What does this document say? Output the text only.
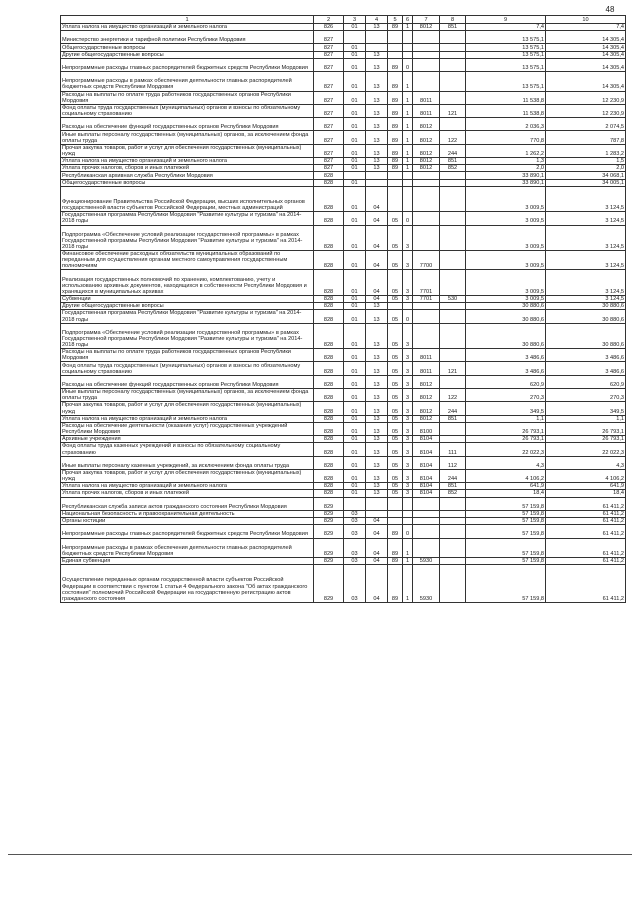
48
1	2	3	4	5	6	7	8	9	10
Уплата налога на имущество организаций и земельного налога	826	01	13	89	1	8012	851	7,4	7,4
Министерство энергетики и тарифной политики Республики Мордовия	827							13 575,1	14 305,4
Общегосударственные вопросы	827	01						13 575,1	14 305,4
Другие общегосударственные вопросы	827	01	13					13 575,1	14 305,4
Непрограммные расходы главных распорядителей бюджетных средств Республики Мордовия	827	01	13	89	0			13 575,1	14 305,4
Непрограммные расходы в рамках обеспечения деятельности главных распорядителей бюджетных средств Республики Мордовия	827	01	13	89	1			13 575,1	14 305,4
Расходы на выплаты по оплате труда работников государственных органов Республики Мордовия	827	01	13	89	1	8011		11 538,8	12 230,9
Фонд оплаты труда государственных (муниципальных) органов и взносы по обязательному социальному страхованию	827	01	13	89	1	8011	121	11 538,8	12 230,9
Расходы на обеспечение функций государственных органов Республики Мордовия	827	01	13	89	1	8012		2 036,3	2 074,5
Иные выплаты персоналу государственных (муниципальных) органов, за исключением фонда оплаты труда	827	01	13	89	1	8012	122	770,8	787,8
Прочая закупка товаров, работ и услуг для обеспечения государственных (муниципальных) нужд	827	01	13	89	1	8012	244	1 262,2	1 283,2
Уплата налога на имущество организаций и земельного налога	827	01	13	89	1	8012	851	1,3	1,5
Уплата прочих налогов, сборов и иных платежей	827	01	13	89	1	8012	852	2,0	2,0
Республиканская архивная служба Республики Мордовия	828							33 890,1	34 068,1
Общегосударственные вопросы	828	01						33 890,1	34 005,1
Функционирование Правительства Российской Федерации, высших исполнительных органов государственной власти субъектов Российской Федерации, местных администраций	828	01	04					3 009,5	3 124,5
Государственная программа Республики Мордовия "Развитие культуры и туризма" на 2014-2018 годы	828	01	04	05	0			3 009,5	3 124,5
Подпрограмма «Обеспечение условий реализации государственной программы» в рамках Государственной программы Республики Мордовия "Развитие культуры и туризма" на 2014-2018 годы	828	01	04	05	3			3 009,5	3 124,5
Финансовое обеспечение расходных обязательств муниципальных образований по переданным для осуществления органам местного самоуправления государственным полномочиям	828	01	04	05	3	7700		3 009,5	3 124,5
Реализация государственных полномочий по хранению, комплектованию, учету и использованию архивных документов, находящихся в собственности Республики Мордовия и хранящихся в муниципальных архивах	828	01	04	05	3	7701		3 009,5	3 124,5
Субвенции	828	01	04	05	3	7701	530	3 009,5	3 124,5
Другие общегосударственные вопросы	828	01	13					30 880,6	30 880,6
Государственная программа Республики Мордовия "Развитие культуры и туризма" на 2014-2018 годы	828	01	13	05	0			30 880,6	30 880,6
Подпрограмма «Обеспечение условий реализации государственной программы» в рамках Государственной программы Республики Мордовия "Развитие культуры и туризма" на 2014-2018 годы	828	01	13	05	3			30 880,6	30 880,6
Расходы на выплаты по оплате труда работников государственных органов Республики Мордовия	828	01	13	05	3	8011		3 486,6	3 486,6
Фонд оплаты труда государственных (муниципальных) органов и взносы по обязательному социальному страхованию	828	01	13	05	3	8011	121	3 486,6	3 486,6
Расходы на обеспечение функций государственных органов Республики Мордовия	828	01	13	05	3	8012		620,9	620,9
Иные выплаты персоналу государственных (муниципальных) органов, за исключением фонда оплаты труда	828	01	13	05	3	8012	122	270,3	270,3
Прочая закупка товаров, работ и услуг для обеспечения государственных (муниципальных) нужд	828	01	13	05	3	8012	244	349,5	349,5
Уплата налога на имущество организаций и земельного налога	828	01	13	05	3	8012	851	1,1	1,1
Расходы на обеспечение деятельности (оказания услуг) государственных учреждений Республики Мордовия	828	01	13	05	3	8100		26 793,1	26 793,1
Архивные учреждения	828	01	13	05	3	8104		26 793,1	26 793,1
Фонд оплаты труда казенных учреждений и взносы по обязательному социальному страхованию	828	01	13	05	3	8104	111	22 022,3	22 022,3
Иные выплаты персоналу казенных учреждений, за исключением фонда оплаты труда	828	01	13	05	3	8104	112	4,3	4,3
Прочая закупка товаров, работ и услуг для обеспечения государственных (муниципальных) нужд	828	01	13	05	3	8104	244	4 106,2	4 106,2
Уплата налога на имущество организаций и земельного налога	828	01	13	05	3	8104	851	641,9	641,9
Уплата прочих налогов, сборов и иных платежей	828	01	13	05	3	8104	852	18,4	18,4
Республиканская служба записи актов гражданского состояния Республики Мордовия	829							57 159,8	61 411,2
Национальная безопасность и правоохранительная деятельность	829	03						57 159,8	61 411,2
Органы юстиции	829	03	04					57 159,8	61 411,2
Непрограммные расходы главных распорядителей бюджетных средств Республики Мордовия	829	03	04	89	0			57 159,8	61 411,2
Непрограммные расходы в рамках обеспечения деятельности главных распорядителей бюджетных средств Республики Мордовия	829	03	04	89	1			57 159,8	61 411,2
Единая субвенция	829	03	04	89	1	5930		57 159,8	61 411,2
Осуществление переданных органам государственной власти субъектов Российской Федерации в соответствии с пунктом 1 статьи 4 Федерального закона "Об актах гражданского состояния" полномочий Российской Федерации на государственную регистрацию актов гражданского состояния	829	03	04	89	1	5930		57 159,8	61 411,2
